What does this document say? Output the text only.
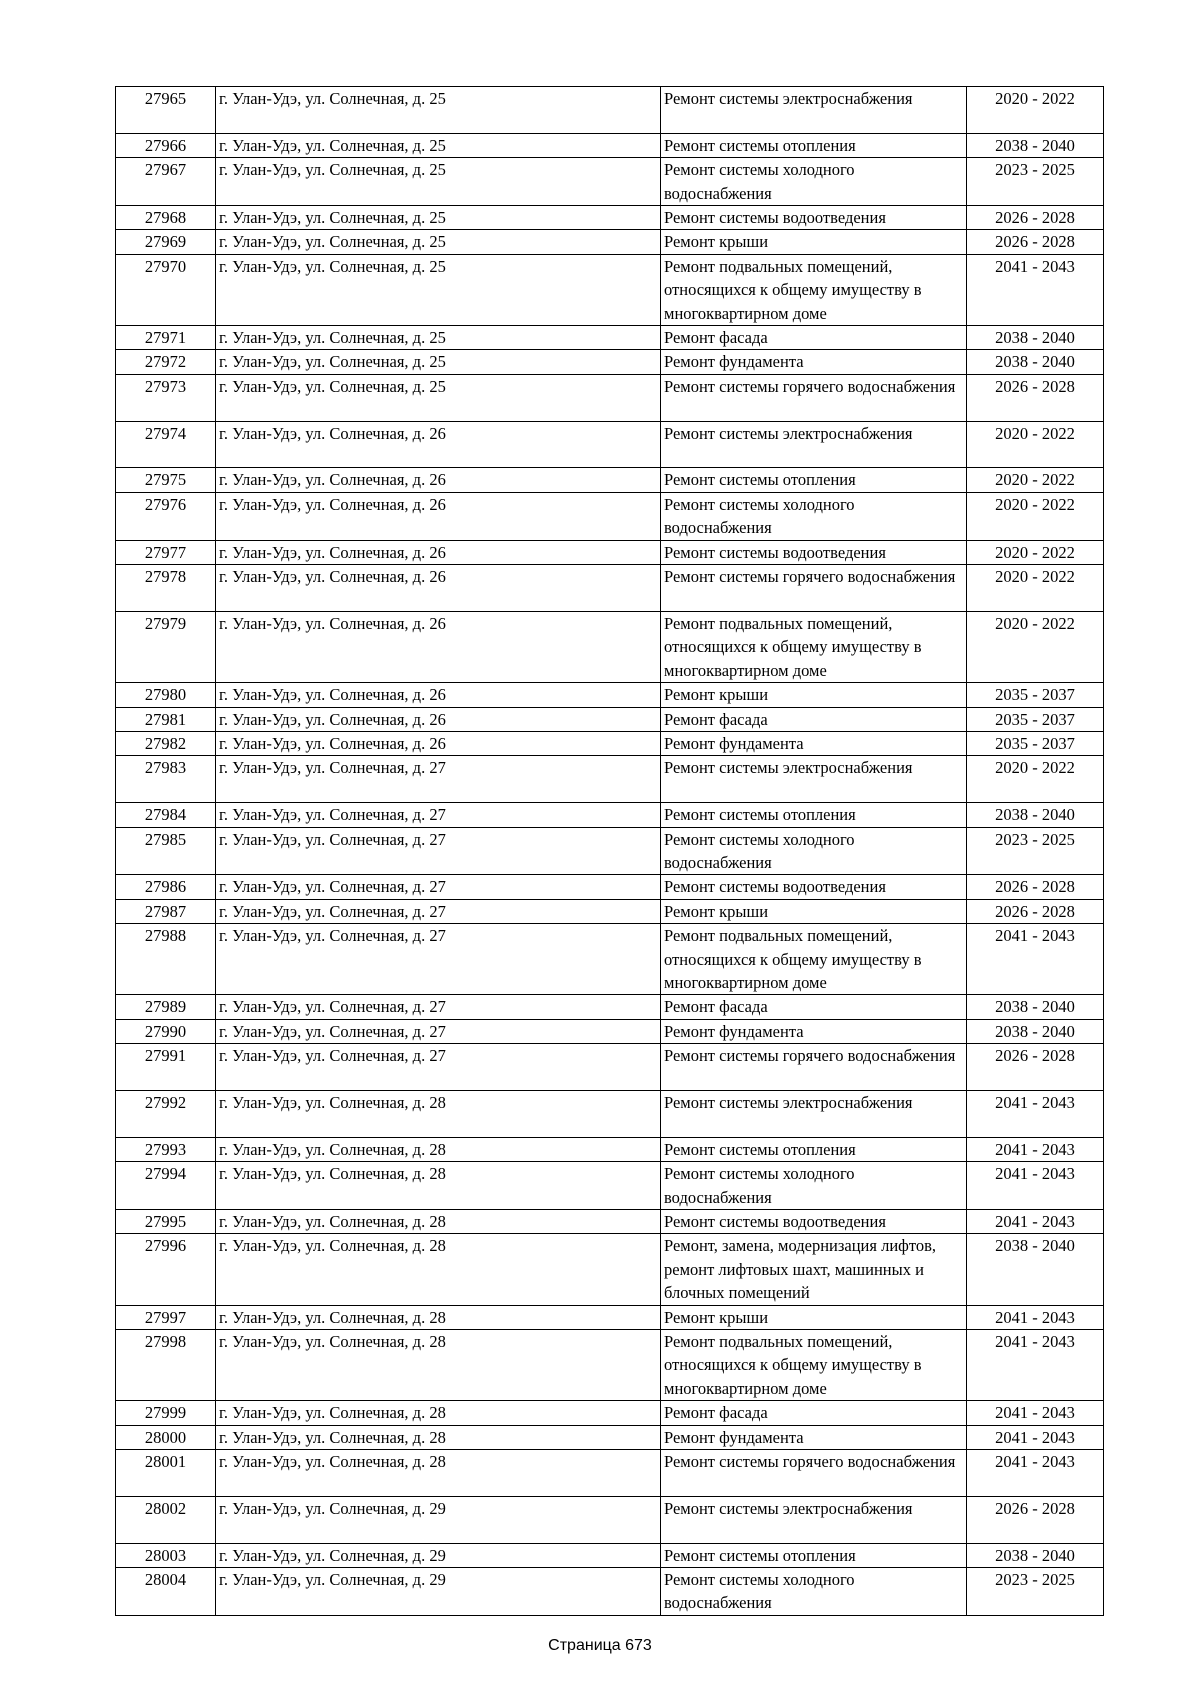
27965	г. Улан-Удэ, ул. Солнечная, д. 25	Ремонт системы электроснабжения	2020 - 2022
27966	г. Улан-Удэ, ул. Солнечная, д. 25	Ремонт системы отопления	2038 - 2040
27967	г. Улан-Удэ, ул. Солнечная, д. 25	Ремонт системы холодного водоснабжения	2023 - 2025
27968	г. Улан-Удэ, ул. Солнечная, д. 25	Ремонт системы водоотведения	2026 - 2028
27969	г. Улан-Удэ, ул. Солнечная, д. 25	Ремонт крыши	2026 - 2028
27970	г. Улан-Удэ, ул. Солнечная, д. 25	Ремонт подвальных помещений, относящихся к общему имуществу в многоквартирном доме	2041 - 2043
27971	г. Улан-Удэ, ул. Солнечная, д. 25	Ремонт фасада	2038 - 2040
27972	г. Улан-Удэ, ул. Солнечная, д. 25	Ремонт фундамента	2038 - 2040
27973	г. Улан-Удэ, ул. Солнечная, д. 25	Ремонт системы горячего водоснабжения	2026 - 2028
27974	г. Улан-Удэ, ул. Солнечная, д. 26	Ремонт системы электроснабжения	2020 - 2022
27975	г. Улан-Удэ, ул. Солнечная, д. 26	Ремонт системы отопления	2020 - 2022
27976	г. Улан-Удэ, ул. Солнечная, д. 26	Ремонт системы холодного водоснабжения	2020 - 2022
27977	г. Улан-Удэ, ул. Солнечная, д. 26	Ремонт системы водоотведения	2020 - 2022
27978	г. Улан-Удэ, ул. Солнечная, д. 26	Ремонт системы горячего водоснабжения	2020 - 2022
27979	г. Улан-Удэ, ул. Солнечная, д. 26	Ремонт подвальных помещений, относящихся к общему имуществу в многоквартирном доме	2020 - 2022
27980	г. Улан-Удэ, ул. Солнечная, д. 26	Ремонт крыши	2035 - 2037
27981	г. Улан-Удэ, ул. Солнечная, д. 26	Ремонт фасада	2035 - 2037
27982	г. Улан-Удэ, ул. Солнечная, д. 26	Ремонт фундамента	2035 - 2037
27983	г. Улан-Удэ, ул. Солнечная, д. 27	Ремонт системы электроснабжения	2020 - 2022
27984	г. Улан-Удэ, ул. Солнечная, д. 27	Ремонт системы отопления	2038 - 2040
27985	г. Улан-Удэ, ул. Солнечная, д. 27	Ремонт системы холодного водоснабжения	2023 - 2025
27986	г. Улан-Удэ, ул. Солнечная, д. 27	Ремонт системы водоотведения	2026 - 2028
27987	г. Улан-Удэ, ул. Солнечная, д. 27	Ремонт крыши	2026 - 2028
27988	г. Улан-Удэ, ул. Солнечная, д. 27	Ремонт подвальных помещений, относящихся к общему имуществу в многоквартирном доме	2041 - 2043
27989	г. Улан-Удэ, ул. Солнечная, д. 27	Ремонт фасада	2038 - 2040
27990	г. Улан-Удэ, ул. Солнечная, д. 27	Ремонт фундамента	2038 - 2040
27991	г. Улан-Удэ, ул. Солнечная, д. 27	Ремонт системы горячего водоснабжения	2026 - 2028
27992	г. Улан-Удэ, ул. Солнечная, д. 28	Ремонт системы электроснабжения	2041 - 2043
27993	г. Улан-Удэ, ул. Солнечная, д. 28	Ремонт системы отопления	2041 - 2043
27994	г. Улан-Удэ, ул. Солнечная, д. 28	Ремонт системы холодного водоснабжения	2041 - 2043
27995	г. Улан-Удэ, ул. Солнечная, д. 28	Ремонт системы водоотведения	2041 - 2043
27996	г. Улан-Удэ, ул. Солнечная, д. 28	Ремонт, замена, модернизация лифтов, ремонт лифтовых шахт, машинных и блочных помещений	2038 - 2040
27997	г. Улан-Удэ, ул. Солнечная, д. 28	Ремонт крыши	2041 - 2043
27998	г. Улан-Удэ, ул. Солнечная, д. 28	Ремонт подвальных помещений, относящихся к общему имуществу в многоквартирном доме	2041 - 2043
27999	г. Улан-Удэ, ул. Солнечная, д. 28	Ремонт фасада	2041 - 2043
28000	г. Улан-Удэ, ул. Солнечная, д. 28	Ремонт фундамента	2041 - 2043
28001	г. Улан-Удэ, ул. Солнечная, д. 28	Ремонт системы горячего водоснабжения	2041 - 2043
28002	г. Улан-Удэ, ул. Солнечная, д. 29	Ремонт системы электроснабжения	2026 - 2028
28003	г. Улан-Удэ, ул. Солнечная, д. 29	Ремонт системы отопления	2038 - 2040
28004	г. Улан-Удэ, ул. Солнечная, д. 29	Ремонт системы холодного водоснабжения	2023 - 2025
Страница 673
